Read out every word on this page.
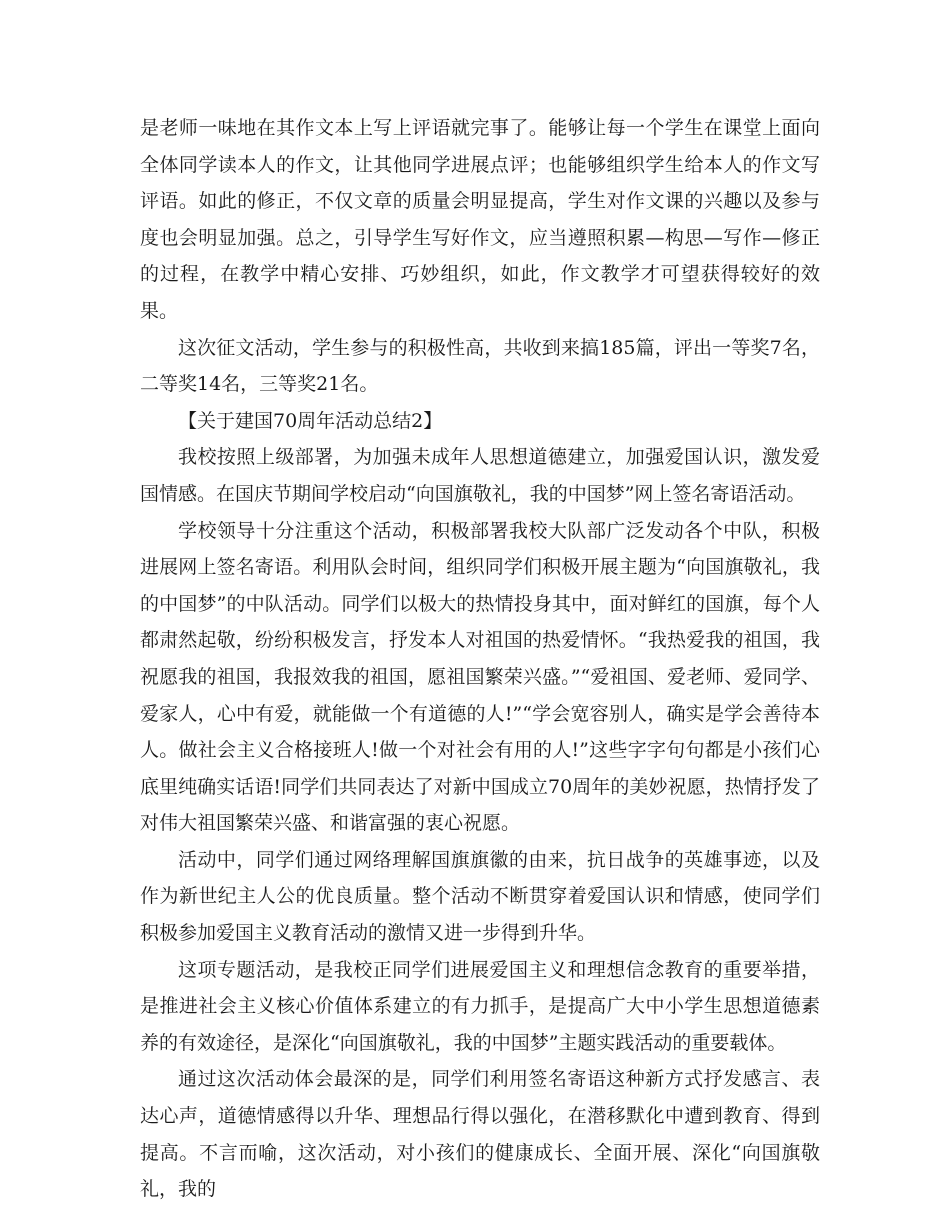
是老师一味地在其作文本上写上评语就完事了。能够让每一个学生在课堂上面向全体同学读本人的作文，让其他同学进展点评；也能够组织学生给本人的作文写评语。如此的修正，不仅文章的质量会明显提高，学生对作文课的兴趣以及参与度也会明显加强。总之，引导学生写好作文，应当遵照积累—构思—写作—修正的过程，在教学中精心安排、巧妙组织，如此，作文教学才可望获得较好的效果。

这次征文活动，学生参与的积极性高，共收到来搞185篇，评出一等奖7名，二等奖14名，三等奖21名。

【关于建国70周年活动总结2】

我校按照上级部署，为加强未成年人思想道德建立，加强爱国认识，激发爱国情感。在国庆节期间学校启动“向国旗敬礼，我的中国梦”网上签名寄语活动。

学校领导十分注重这个活动，积极部署我校大队部广泛发动各个中队，积极进展网上签名寄语。利用队会时间，组织同学们积极开展主题为“向国旗敬礼，我的中国梦”的中队活动。同学们以极大的热情投身其中，面对鲜红的国旗，每个人都肃然起敬，纷纷积极发言，抒发本人对祖国的热爱情怀。“我热爱我的祖国，我祝愿我的祖国，我报效我的祖国，愿祖国繁荣兴盛。”“爱祖国、爱老师、爱同学、爱家人，心中有爱，就能做一个有道德的人!”“学会宽容别人，确实是学会善待本人。做社会主义合格接班人!做一个对社会有用的人!”这些字字句句都是小孩们心底里纯确实话语!同学们共同表达了对新中国成立70周年的美妙祝愿，热情抒发了对伟大祖国繁荣兴盛、和谐富强的衷心祝愿。

活动中，同学们通过网络理解国旗旗徽的由来，抗日战争的英雄事迹，以及作为新世纪主人公的优良质量。整个活动不断贯穿着爱国认识和情感，使同学们积极参加爱国主义教育活动的激情又进一步得到升华。

这项专题活动，是我校正同学们进展爱国主义和理想信念教育的重要举措，是推进社会主义核心价值体系建立的有力抓手，是提高广大中小学生思想道德素养的有效途径，是深化“向国旗敬礼，我的中国梦”主题实践活动的重要载体。

通过这次活动体会最深的是，同学们利用签名寄语这种新方式抒发感言、表达心声，道德情感得以升华、理想品行得以强化，在潜移默化中遭到教育、得到提高。不言而喻，这次活动，对小孩们的健康成长、全面开展、深化“向国旗敬礼，我的
